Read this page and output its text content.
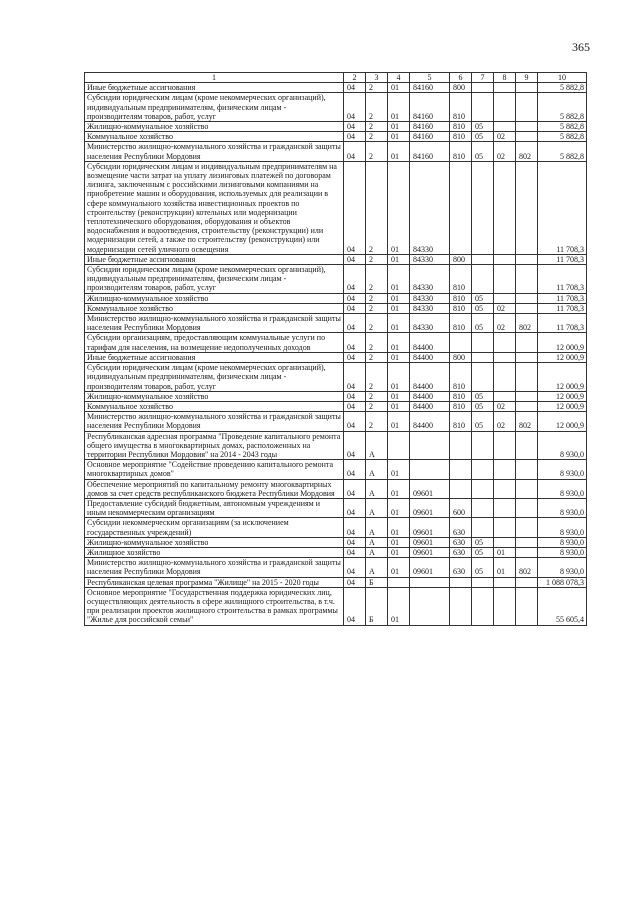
365
1	2	3	4	5	6	7	8	9	10
Иные бюджетные ассигнования	04	2	01	84160	800				5 882,8
Субсидии юридическим лицам (кроме некоммерческих организаций), индивидуальным предпринимателям, физическим лицам - производителям товаров, работ, услуг	04	2	01	84160	810				5 882,8
Жилищно-коммунальное хозяйство	04	2	01	84160	810	05			5 882,8
Коммунальное хозяйство	04	2	01	84160	810	05	02		5 882,8
Министерство жилищно-коммунального хозяйства и гражданской защиты населения Республики Мордовия	04	2	01	84160	810	05	02	802	5 882,8
Субсидии юридическим лицам и индивидуальным предпринимателям на возмещение части затрат на уплату лизинговых платежей по договорам лизинга, заключенным с российскими лизинговыми компаниями на приобретение машин и оборудования, используемых для реализации в сфере коммунального хозяйства инвестиционных проектов по строительству (реконструкции) котельных или модернизации теплотехнического оборудования, оборудования и объектов водоснабжения и водоотведения, строительству (реконструкции) или модернизации сетей, а также по строительству (реконструкции) или модернизации сетей уличного освещения	04	2	01	84330					11 708,3
Иные бюджетные ассигнования	04	2	01	84330	800				11 708,3
Субсидии юридическим лицам (кроме некоммерческих организаций), индивидуальным предпринимателям, физическим лицам - производителям товаров, работ, услуг	04	2	01	84330	810				11 708,3
Жилищно-коммунальное хозяйство	04	2	01	84330	810	05			11 708,3
Коммунальное хозяйство	04	2	01	84330	810	05	02		11 708,3
Министерство жилищно-коммунального хозяйства и гражданской защиты населения Республики Мордовия	04	2	01	84330	810	05	02	802	11 708,3
Субсидии организациям, предоставляющим коммунальные услуги по тарифам для населения, на возмещение недополученных доходов	04	2	01	84400					12 000,9
Иные бюджетные ассигнования	04	2	01	84400	800				12 000,9
Субсидии юридическим лицам (кроме некоммерческих организаций), индивидуальным предпринимателям, физическим лицам - производителям товаров, работ, услуг	04	2	01	84400	810				12 000,9
Жилищно-коммунальное хозяйство	04	2	01	84400	810	05			12 000,9
Коммунальное хозяйство	04	2	01	84400	810	05	02		12 000,9
Министерство жилищно-коммунального хозяйства и гражданской защиты населения Республики Мордовия	04	2	01	84400	810	05	02	802	12 000,9
Республиканская адресная программа "Проведение капитального ремонта общего имущества в многоквартирных домах, расположенных на территории Республики Мордовия" на 2014 - 2043 годы	04	А							8 930,0
Основное мероприятие "Содействие проведению капитального ремонта многоквартирных домов"	04	А	01						8 930,0
Обеспечение мероприятий по капитальному ремонту многоквартирных домов за счет средств республиканского бюджета Республики Мордовия	04	А	01	09601					8 930,0
Предоставление субсидий бюджетным, автономным учреждениям и иным некоммерческим организациям	04	А	01	09601	600				8 930,0
Субсидии некоммерческим организациям (за исключением государственных учреждений)	04	А	01	09601	630				8 930,0
Жилищно-коммунальное хозяйство	04	А	01	09601	630	05			8 930,0
Жилищное хозяйство	04	А	01	09601	630	05	01		8 930,0
Министерство жилищно-коммунального хозяйства и гражданской защиты населения Республики Мордовия	04	А	01	09601	630	05	01	802	8 930,0
Республиканская целевая программа "Жилище" на 2015 - 2020 годы	04	Б							1 088 078,3
Основное мероприятие "Государственная поддержка юридических лиц, осуществляющих деятельность в сфере жилищного строительства, в т.ч. при реализации проектов жилищного строительства в рамках программы "Жилье для российской семьи"	04	Б	01						55 605,4
